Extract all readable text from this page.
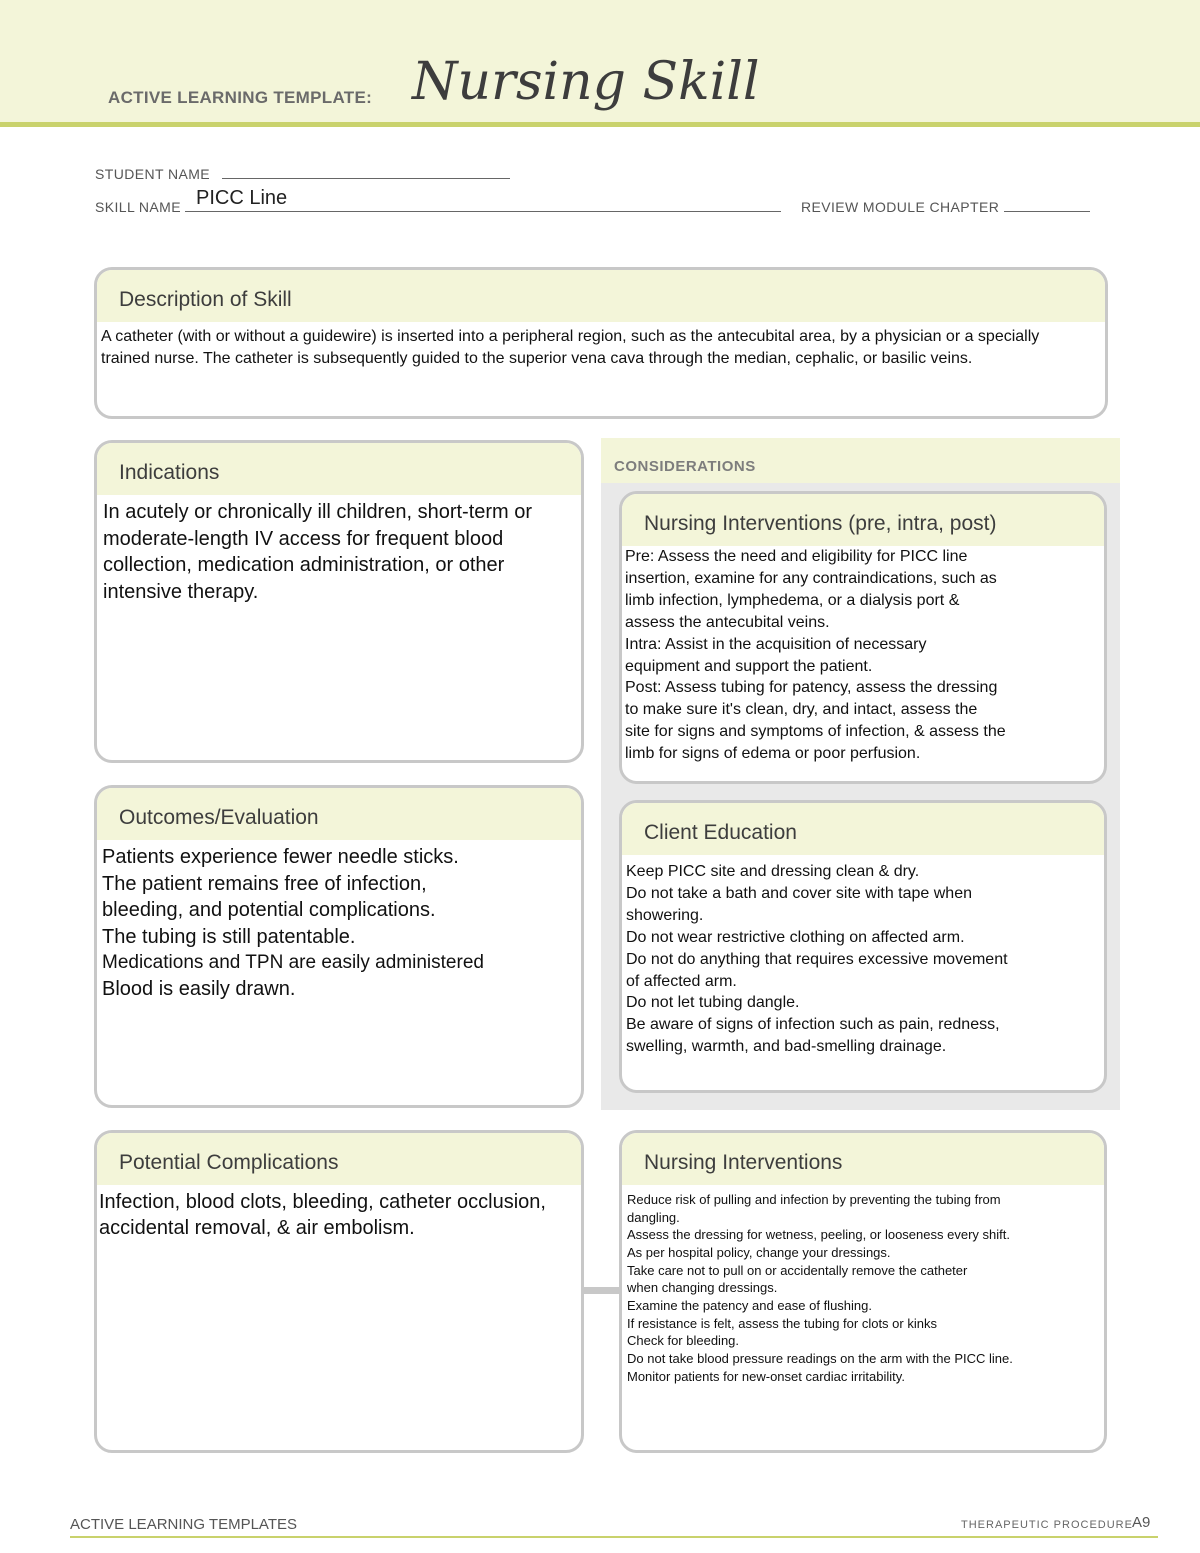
ACTIVE LEARNING TEMPLATE: Nursing Skill
STUDENT NAME
SKILL NAME PICC Line	REVIEW MODULE CHAPTER
Description of Skill
A catheter (with or without a guidewire) is inserted into a peripheral region, such as the antecubital area, by a physician or a specially trained nurse. The catheter is subsequently guided to the superior vena cava through the median, cephalic, or basilic veins.
CONSIDERATIONS
Indications
In acutely or chronically ill children, short-term or moderate-length IV access for frequent blood collection, medication administration, or other intensive therapy.
Nursing Interventions (pre, intra, post)
Pre: Assess the need and eligibility for PICC line
insertion, examine for any contraindications, such as
limb infection, lymphedema, or a dialysis port &
assess the antecubital veins.
Intra: Assist in the acquisition of necessary
equipment and support the patient.
Post: Assess tubing for patency, assess the dressing
to make sure it's clean, dry, and intact, assess the
site for signs and symptoms of infection, & assess the
limb for signs of edema or poor perfusion.
Outcomes/Evaluation
Patients experience fewer needle sticks.
The patient remains free of infection,
bleeding, and potential complications.
The tubing is still patentable.
Medications and TPN are easily administered
Blood is easily drawn.
Client Education
Keep PICC site and dressing clean & dry.
Do not take a bath and cover site with tape when
showering.
Do not wear restrictive clothing on affected arm.
Do not do anything that requires excessive movement
of affected arm.
Do not let tubing dangle.
Be aware of signs of infection such as pain, redness,
swelling, warmth, and bad-smelling drainage.
Potential Complications
Infection, blood clots, bleeding, catheter occlusion, accidental removal, & air embolism.
Nursing Interventions
Reduce risk of pulling and infection by preventing the tubing from
dangling.
Assess the dressing for wetness, peeling, or looseness every shift.
As per hospital policy, change your dressings.
Take care not to pull on or accidentally remove the catheter
when changing dressings.
Examine the patency and ease of flushing.
If resistance is felt, assess the tubing for clots or kinks
Check for bleeding.
Do not take blood pressure readings on the arm with the PICC line.
Monitor patients for new-onset cardiac irritability.
ACTIVE LEARNING TEMPLATES	THERAPEUTIC PROCEDURE A9
